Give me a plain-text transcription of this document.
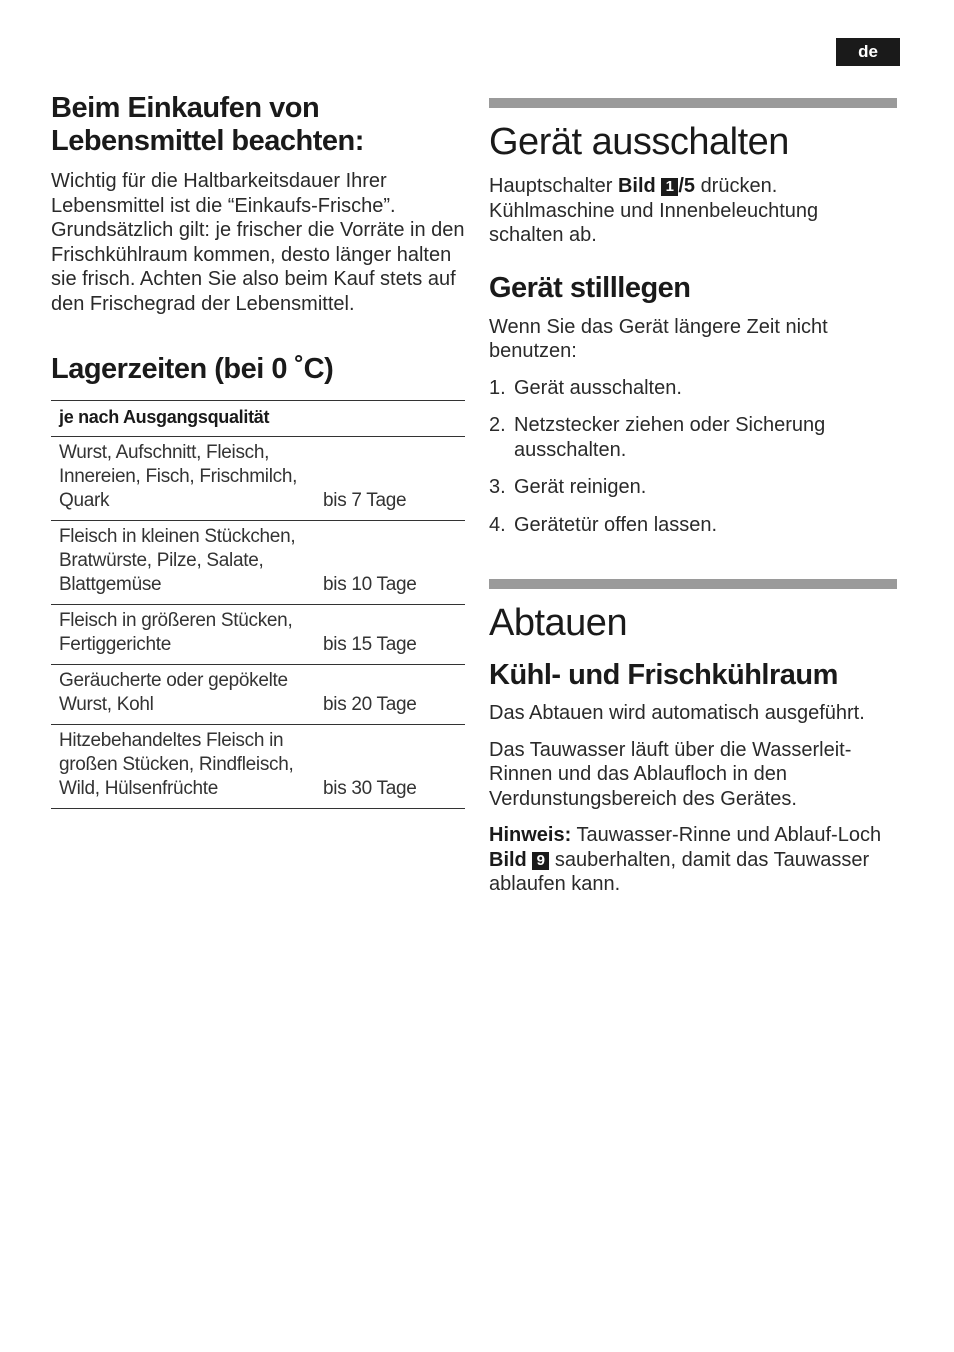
de
Beim Einkaufen von
Lebensmittel beachten:

Wichtig für die Haltbarkeitsdauer Ihrer Lebensmittel ist die “Einkaufs-Frische”. Grundsätzlich gilt: je frischer die Vorräte in den Frischkühlraum kommen, desto länger halten sie frisch. Achten Sie also beim Kauf stets auf den Frischegrad der Lebensmittel.

Lagerzeiten (bei 0 ˚C)
je nach Ausgangsqualität	
Wurst, Aufschnitt, Fleisch, Innereien, Fisch, Frischmilch, Quark	bis 7 Tage
Fleisch in kleinen Stückchen, Bratwürste, Pilze, Salate, Blattgemüse	bis 10 Tage
Fleisch in größeren Stücken, Fertiggerichte	bis 15 Tage
Geräucherte oder gepökelte Wurst, Kohl	bis 20 Tage
Hitzebehandeltes Fleisch in großen Stücken, Rindfleisch, Wild, Hülsenfrüchte	bis 30 Tage
Gerät ausschalten

Hauptschalter Bild 1 /5 drücken. Kühlmaschine und Innenbeleuchtung schalten ab.

Gerät stilllegen

Wenn Sie das Gerät längere Zeit nicht benutzen:

1. Gerät ausschalten.
2. Netzstecker ziehen oder Sicherung ausschalten.
3. Gerät reinigen.
4. Gerätetür offen lassen.
Abtauen
Kühl- und Frischkühlraum

Das Abtauen wird automatisch ausgeführt.

Das Tauwasser läuft über die Wasserleit-Rinnen und das Ablaufloch in den Verdunstungsbereich des Gerätes.

Hinweis: Tauwasser-Rinne und Ablauf-Loch Bild 9 sauberhalten, damit das Tauwasser ablaufen kann.
